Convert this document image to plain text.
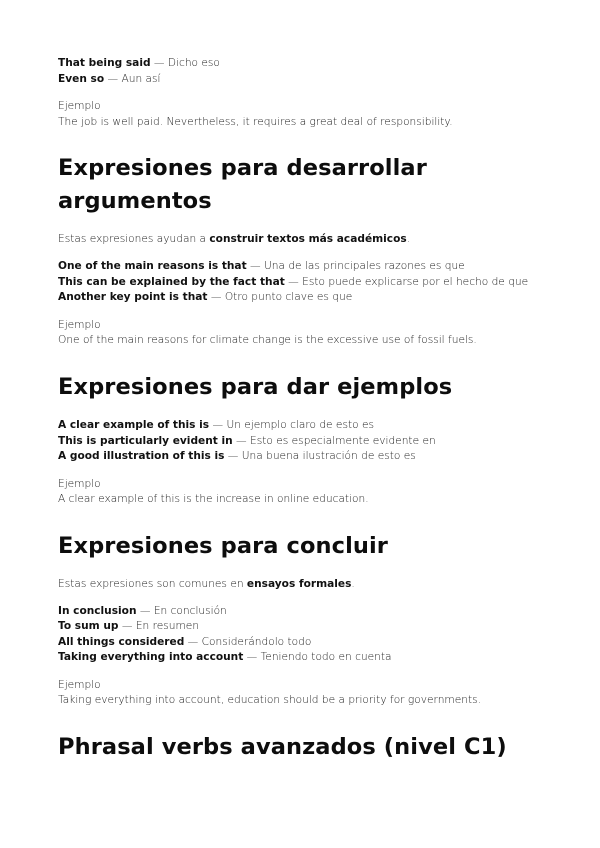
That being said — Dicho eso

Even so — Aun así

Ejemplo

The job is well paid. Nevertheless, it requires a great deal of responsibility.

Expresiones para desarrollar
argumentos

Estas expresiones ayudan a construir textos más académicos.

One of the main reasons is that — Una de las principales razones es que

This can be explained by the fact that — Esto puede explicarse por el hecho de que

Another key point is that — Otro punto clave es que

Ejemplo

One of the main reasons for climate change is the excessive use of fossil fuels.

Expresiones para dar ejemplos

A clear example of this is — Un ejemplo claro de esto es

This is particularly evident in — Esto es especialmente evidente en

A good illustration of this is — Una buena ilustración de esto es

Ejemplo

A clear example of this is the increase in online education.

Expresiones para concluir

Estas expresiones son comunes en ensayos formales.

In conclusion — En conclusión

To sum up — En resumen

All things considered — Considerándolo todo

Taking everything into account — Teniendo todo en cuenta

Ejemplo

Taking everything into account, education should be a priority for governments.

Phrasal verbs avanzados (nivel C1)
